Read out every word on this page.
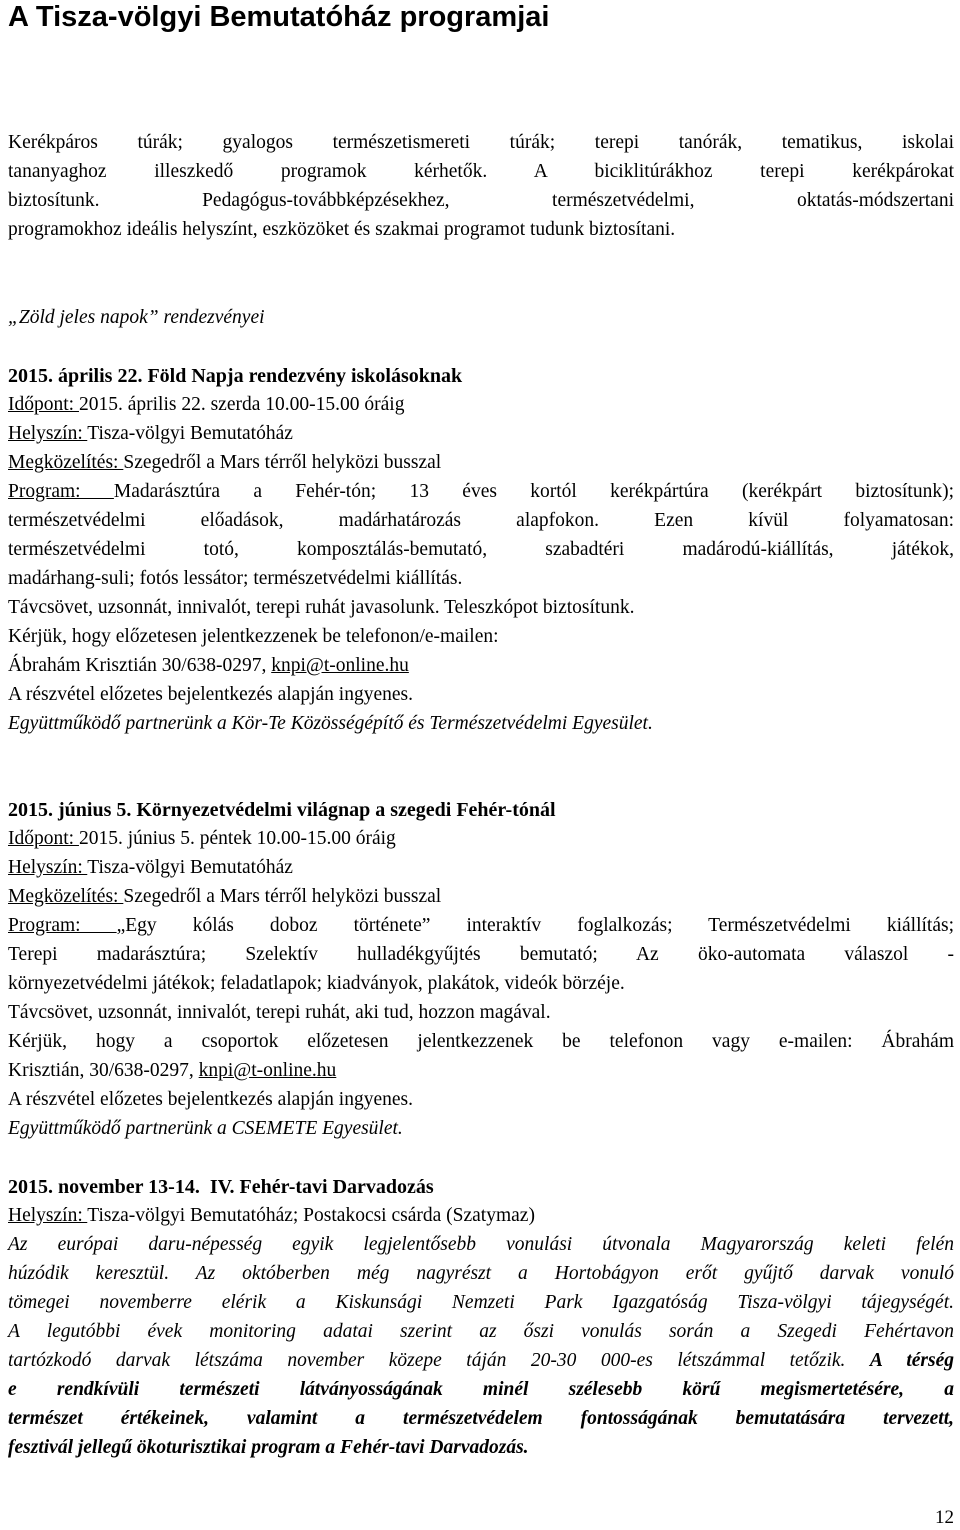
A Tisza-völgyi Bemutatóház programjai

Kerékpáros túrák; gyalogos természetismereti túrák; terepi tanórák, tematikus, iskolai

tananyaghoz illeszkedő programok kérhetők. A biciklitúrákhoz terepi kerékpárokat

biztosítunk. Pedagógus-továbbképzésekhez, természetvédelmi, oktatás-módszertani

programokhoz ideális helyszínt, eszközöket és szakmai programot tudunk biztosítani.

„Zöld jeles napok” rendezvényei

2015. április 22. Föld Napja rendezvény iskolásoknak

Időpont: 2015. április 22. szerda 10.00-15.00 óráig

Helyszín: Tisza-völgyi Bemutatóház

Megközelítés: Szegedről a Mars térről helyközi busszal

Program: Madarásztúra a Fehér-tón; 13 éves kortól kerékpártúra (kerékpárt biztosítunk);

természetvédelmi előadások, madárhatározás alapfokon. Ezen kívül folyamatosan:

természetvédelmi totó, komposztálás-bemutató, szabadtéri madárodú-kiállítás, játékok,

madárhang-suli; fotós lessátor; természetvédelmi kiállítás.

Távcsövet, uzsonnát, innivalót, terepi ruhát javasolunk. Teleszkópot biztosítunk.

Kérjük, hogy előzetesen jelentkezzenek be telefonon/e-mailen:

Ábrahám Krisztián 30/638-0297, knpi@t-online.hu

A részvétel előzetes bejelentkezés alapján ingyenes.

Együttműködő partnerünk a Kör-Te Közösségépítő és Természetvédelmi Egyesület.

2015. június 5. Környezetvédelmi világnap a szegedi Fehér-tónál

Időpont: 2015. június 5. péntek 10.00-15.00 óráig

Helyszín: Tisza-völgyi Bemutatóház

Megközelítés: Szegedről a Mars térről helyközi busszal

Program: „Egy kólás doboz története” interaktív foglalkozás; Természetvédelmi kiállítás;

Terepi madarásztúra; Szelektív hulladékgyűjtés bemutató; Az öko-automata válaszol -

környezetvédelmi játékok; feladatlapok; kiadványok, plakátok, videók börzéje.

Távcsövet, uzsonnát, innivalót, terepi ruhát, aki tud, hozzon magával.

Kérjük, hogy a csoportok előzetesen jelentkezzenek be telefonon vagy e-mailen: Ábrahám

Krisztián, 30/638-0297, knpi@t-online.hu

A részvétel előzetes bejelentkezés alapján ingyenes.

Együttműködő partnerünk a CSEMETE Egyesület.

2015. november 13-14. IV. Fehér-tavi Darvadozás

Helyszín: Tisza-völgyi Bemutatóház; Postakocsi csárda (Szatymaz)

Az európai daru-népesség egyik legjelentősebb vonulási útvonala Magyarország keleti felén

húzódik keresztül. Az októberben még nagyrészt a Hortobágyon erőt gyűjtő darvak vonuló

tömegei novemberre elérik a Kiskunsági Nemzeti Park Igazgatóság Tisza-völgyi tájegységét.

A legutóbbi évek monitoring adatai szerint az őszi vonulás során a Szegedi Fehértavon

tartózkodó darvak létszáma november közepe táján 20-30 000-es létszámmal tetőzik. A térség

e rendkívüli természeti látványosságának minél szélesebb körű megismertetésére, a

természet értékeinek, valamint a természetvédelem fontosságának bemutatására tervezett,

fesztivál jellegű ökoturisztikai program a Fehér-tavi Darvadozás.

12
